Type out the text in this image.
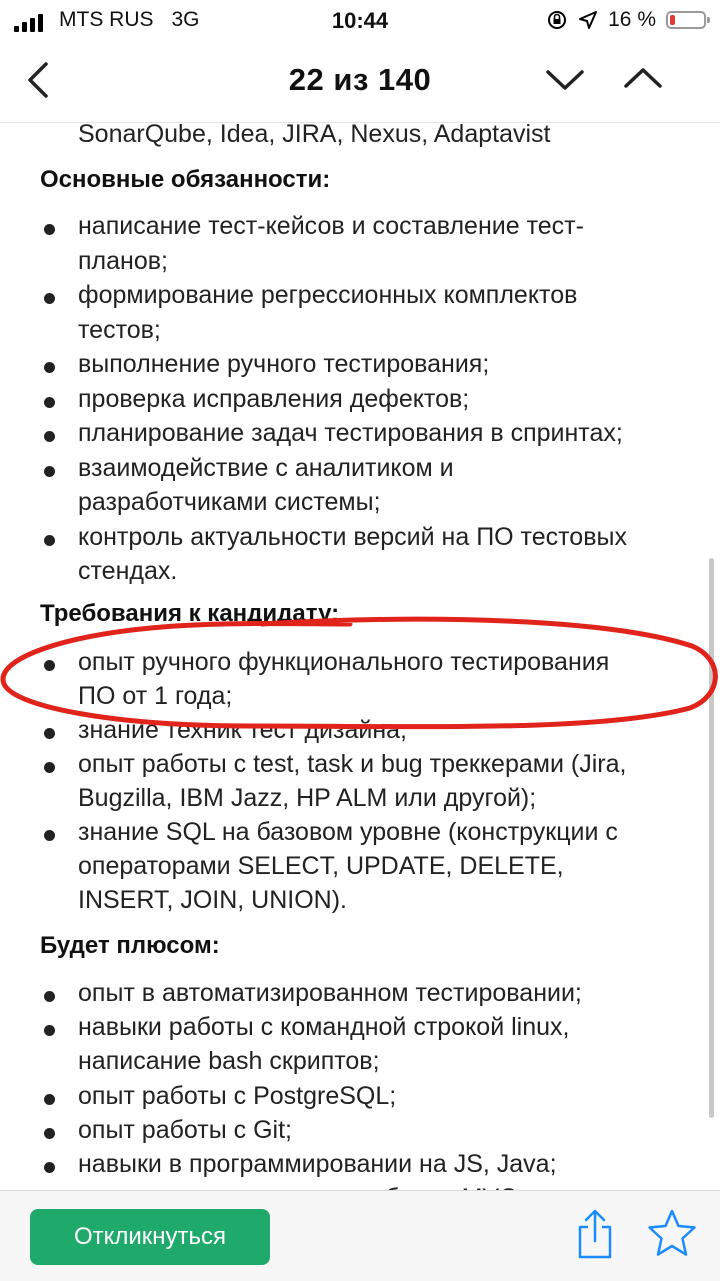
MTS RUS 3G	10:44	16 %
22 из 140
SonarQube, Idea, JIRA, Nexus, Adaptavist
Основные обязанности:
написание тест-кейсов и составление тест-
планов;
формирование регрессионных комплектов
тестов;
выполнение ручного тестирования;
проверка исправления дефектов;
планирование задач тестирования в спринтах;
взаимодействие с аналитиком и
разработчиками системы;
контроль актуальности версий на ПО тестовых
стендах.
Требования к кандидату:
опыт ручного функционального тестирования
ПО от 1 года;
знание техник тест дизайна;
опыт работы с test, task и bug треккерами (Jira,
Bugzilla, IBM Jazz, HP ALM или другой);
знание SQL на базовом уровне (конструкции с
операторами SELECT, UPDATE, DELETE,
INSERT, JOIN, UNION).
Будет плюсом:
опыт в автоматизированном тестировании;
навыки работы с командной строкой linux,
написание bash скриптов;
опыт работы с PostgreSQL;
опыт работы с Git;
навыки в программировании на JS, Java;
Откликнуться
